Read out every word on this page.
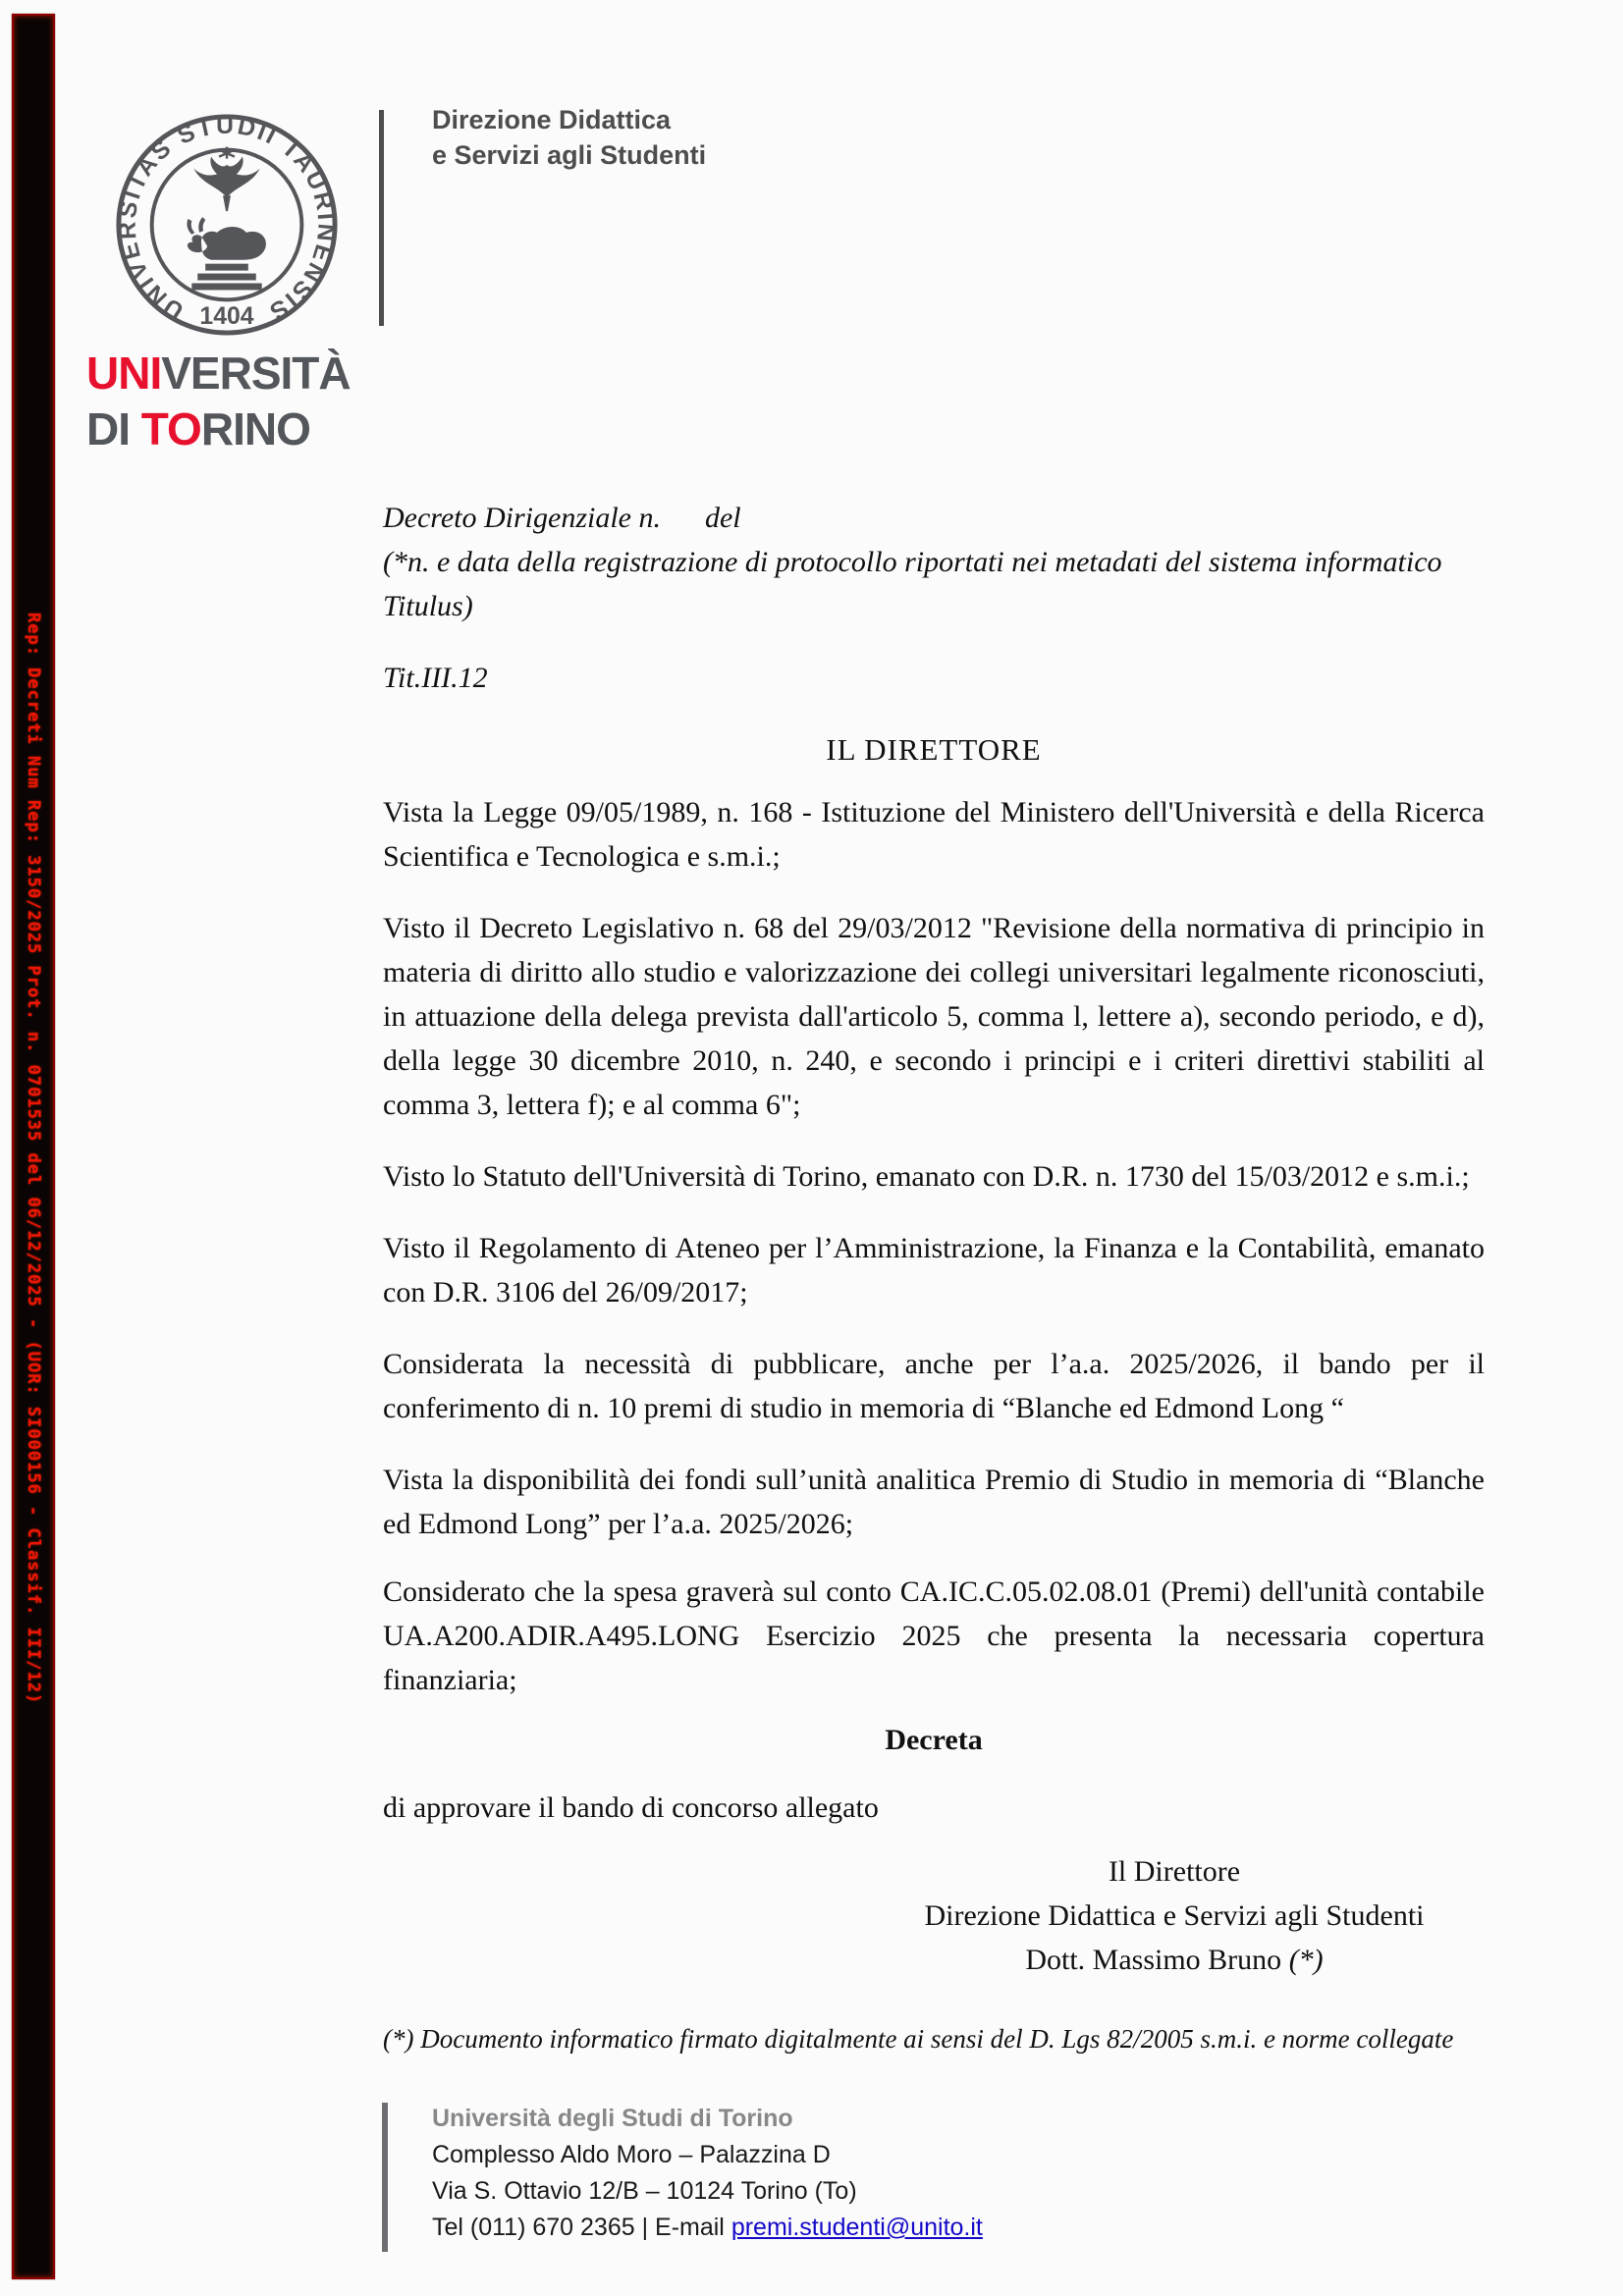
Rep: Decreti Num Rep: 3150/2025 Prot. n. 0701535 del 06/12/2025 - (UOR: SI000156 - Classif. III/12)
UNIVERSITAS STUDII TAURINENSIS
1404
UNIVERSITÀ
DI TORINO
Direzione Didattica
e Servizi agli Studenti

Decreto Dirigenziale n.      del

(*n. e data della registrazione di protocollo riportati nei metadati del sistema informatico Titulus)

Tit.III.12

IL DIRETTORE

Vista la Legge 09/05/1989, n. 168 - Istituzione del Ministero dell'Università e della Ricerca Scientifica e Tecnologica e s.m.i.;

Visto il Decreto Legislativo n. 68 del 29/03/2012 "Revisione della normativa di principio in materia di diritto allo studio e valorizzazione dei collegi universitari legalmente riconosciuti, in attuazione della delega prevista dall'articolo 5, comma l, lettere a), secondo periodo, e d), della legge 30 dicembre 2010, n. 240, e secondo i principi e i criteri direttivi stabiliti al comma 3, lettera f); e al comma 6";

Visto lo Statuto dell'Università di Torino, emanato con D.R. n. 1730 del 15/03/2012 e s.m.i.;

Visto il Regolamento di Ateneo per l’Amministrazione, la Finanza e la Contabilità, emanato con D.R. 3106 del 26/09/2017;

Considerata la necessità di pubblicare, anche per l’a.a. 2025/2026, il bando per il conferimento di n. 10 premi di studio in memoria di “Blanche ed Edmond Long “

Vista la disponibilità dei fondi sull’unità analitica Premio di Studio in memoria di “Blanche ed Edmond Long” per l’a.a. 2025/2026;

Considerato che la spesa graverà sul conto CA.IC.C.05.02.08.01 (Premi) dell'unità contabile UA.A200.ADIR.A495.LONG Esercizio 2025 che presenta la necessaria copertura finanziaria;

Decreta

di approvare il bando di concorso allegato

Il Direttore
Direzione Didattica e Servizi agli Studenti
Dott. Massimo Bruno (*)

(*) Documento informatico firmato digitalmente ai sensi del D. Lgs 82/2005 s.m.i. e norme collegate

Università degli Studi di Torino
Complesso Aldo Moro – Palazzina D
Via S. Ottavio 12/B – 10124 Torino (To)
Tel (011) 670 2365 | E-mail premi.studenti@unito.it
